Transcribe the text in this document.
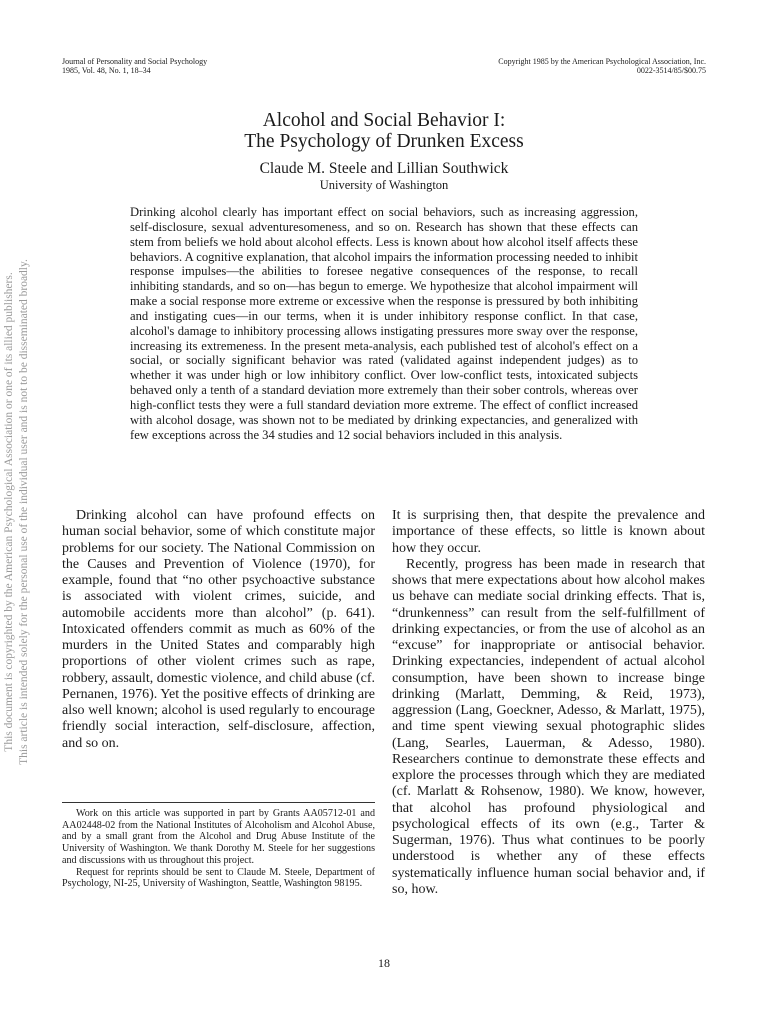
Journal of Personality and Social Psychology
1985, Vol. 48, No. 1, 18–34
Copyright 1985 by the American Psychological Association, Inc.
0022-3514/85/$00.75
Alcohol and Social Behavior I:
The Psychology of Drunken Excess
Claude M. Steele and Lillian Southwick
University of Washington
Drinking alcohol clearly has important effect on social behaviors, such as increasing aggression, self-disclosure, sexual adventuresomeness, and so on. Research has shown that these effects can stem from beliefs we hold about alcohol effects. Less is known about how alcohol itself affects these behaviors. A cognitive explanation, that alcohol impairs the information processing needed to inhibit response impulses—the abilities to foresee negative consequences of the response, to recall inhibiting standards, and so on—has begun to emerge. We hypothesize that alcohol impairment will make a social response more extreme or excessive when the response is pressured by both inhibiting and instigating cues—in our terms, when it is under inhibitory response conflict. In that case, alcohol's damage to inhibitory processing allows instigating pressures more sway over the response, increasing its extremeness. In the present meta-analysis, each published test of alcohol's effect on a social, or socially significant behavior was rated (validated against independent judges) as to whether it was under high or low inhibitory conflict. Over low-conflict tests, intoxicated subjects behaved only a tenth of a standard deviation more extremely than their sober controls, whereas over high-conflict tests they were a full standard deviation more extreme. The effect of conflict increased with alcohol dosage, was shown not to be mediated by drinking expectancies, and generalized with few exceptions across the 34 studies and 12 social behaviors included in this analysis.

Drinking alcohol can have profound effects on human social behavior, some of which constitute major problems for our society. The National Commission on the Causes and Prevention of Violence (1970), for example, found that “no other psychoactive substance is associated with violent crimes, suicide, and automobile accidents more than alcohol” (p. 641). Intoxicated offenders commit as much as 60% of the murders in the United States and comparably high proportions of other violent crimes such as rape, robbery, assault, domestic violence, and child abuse (cf. Pernanen, 1976). Yet the positive effects of drinking are also well known; alcohol is used regularly to encourage friendly social interaction, self-disclosure, affection, and so on.

It is surprising then, that despite the prevalence and importance of these effects, so little is known about how they occur.

Recently, progress has been made in research that shows that mere expectations about how alcohol makes us behave can mediate social drinking effects. That is, “drunkenness” can result from the self-fulfillment of drinking expectancies, or from the use of alcohol as an “excuse” for inappropriate or antisocial behavior. Drinking expectancies, independent of actual alcohol consumption, have been shown to increase binge drinking (Marlatt, Demming, & Reid, 1973), aggression (Lang, Goeckner, Adesso, & Marlatt, 1975), and time spent viewing sexual photographic slides (Lang, Searles, Lauerman, & Adesso, 1980). Researchers continue to demonstrate these effects and explore the processes through which they are mediated (cf. Marlatt & Rohsenow, 1980). We know, however, that alcohol has profound physiological and psychological effects of its own (e.g., Tarter & Sugerman, 1976). Thus what continues to be poorly understood is whether any of these effects systematically influence human social behavior and, if so, how.

Work on this article was supported in part by Grants AA05712-01 and AA02448-02 from the National Institutes of Alcoholism and Alcohol Abuse, and by a small grant from the Alcohol and Drug Abuse Institute of the University of Washington. We thank Dorothy M. Steele for her suggestions and discussions with us throughout this project.

Request for reprints should be sent to Claude M. Steele, Department of Psychology, NI-25, University of Washington, Seattle, Washington 98195.

18
This document is copyrighted by the American Psychological Association or one of its allied publishers. This article is intended solely for the personal use of the individual user and is not to be disseminated broadly.
